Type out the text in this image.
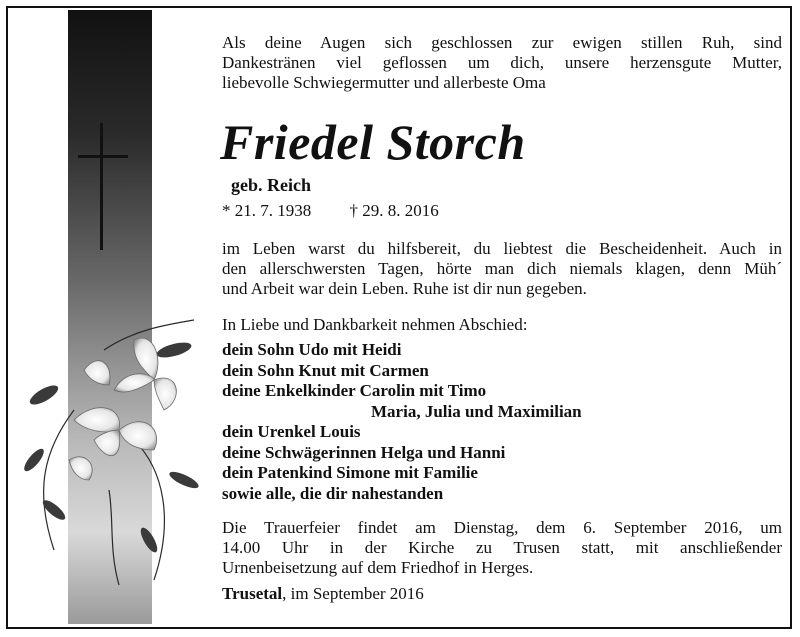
Als deine Augen sich geschlossen zur ewigen stillen Ruh, sind
Dankestränen viel geflossen um dich, unsere herzensgute Mutter,
liebevolle Schwiegermutter und allerbeste Oma
Friedel Storch
geb. Reich
* 21. 7. 1938 † 29. 8. 2016
im Leben warst du hilfsbereit, du liebtest die Bescheidenheit. Auch in
den allerschwersten Tagen, hörte man dich niemals klagen, denn Müh´
und Arbeit war dein Leben. Ruhe ist dir nun gegeben.
In Liebe und Dankbarkeit nehmen Abschied:
dein Sohn Udo mit Heidi
dein Sohn Knut mit Carmen
deine Enkelkinder Carolin mit Timo
Maria, Julia und Maximilian
dein Urenkel Louis
deine Schwägerinnen Helga und Hanni
dein Patenkind Simone mit Familie
sowie alle, die dir nahestanden
Die Trauerfeier findet am Dienstag, dem 6. September 2016, um
14.00 Uhr in der Kirche zu Trusen statt, mit anschließender
Urnenbeisetzung auf dem Friedhof in Herges.
Trusetal, im September 2016
